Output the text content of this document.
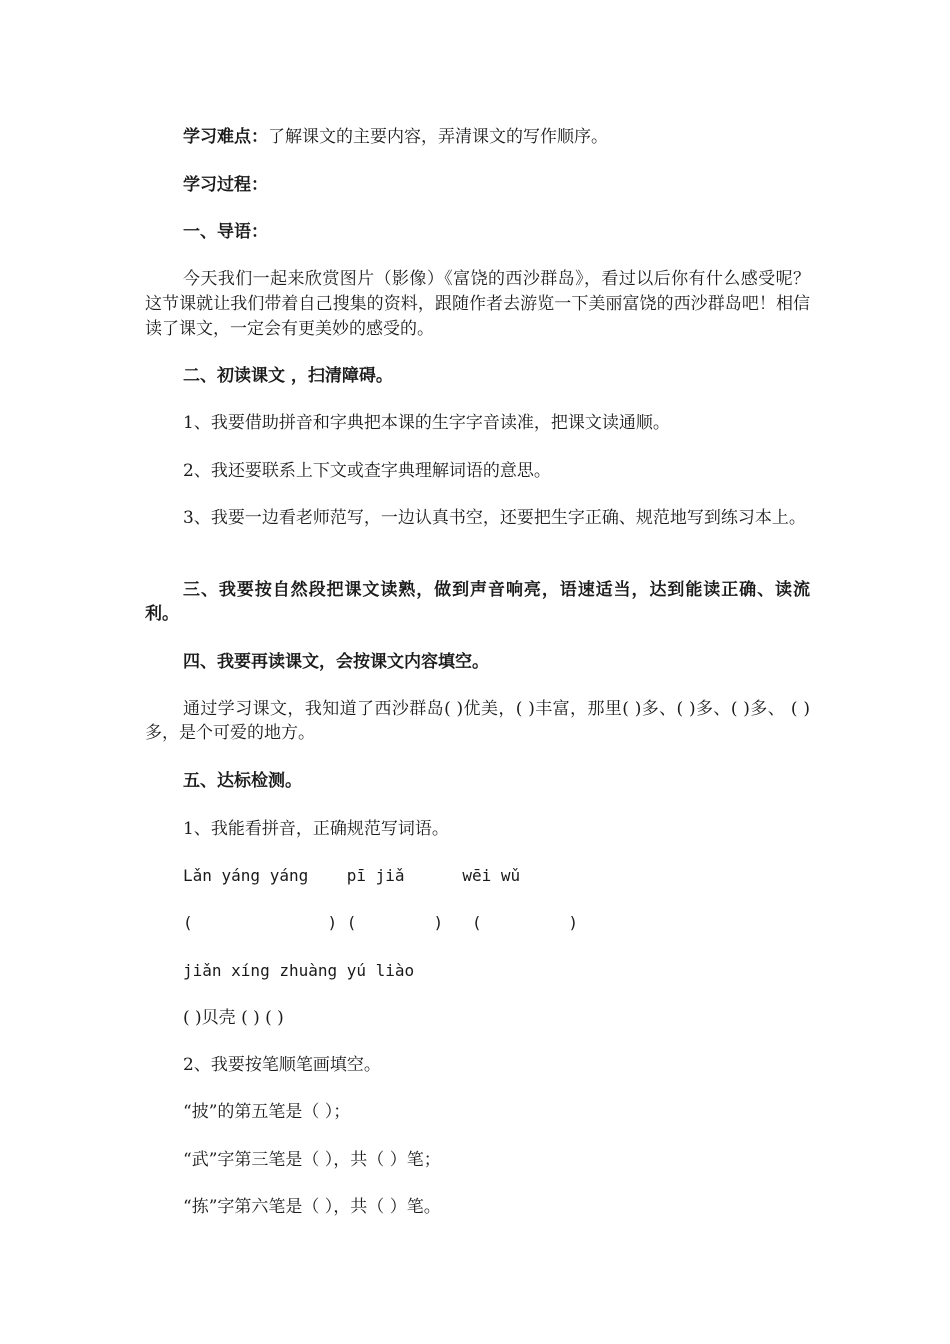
学习难点：了解课文的主要内容，弄清课文的写作顺序。
学习过程：
一、导语：
今天我们一起来欣赏图片（影像）《富饶的西沙群岛》，看过以后你有什么感受呢？这节课就让我们带着自己搜集的资料，跟随作者去游览一下美丽富饶的西沙群岛吧！相信读了课文，一定会有更美妙的感受的。
二、初读课文 ，扫清障碍。
1、我要借助拼音和字典把本课的生字字音读准，把课文读通顺。
2、我还要联系上下文或查字典理解词语的意思。
3、我要一边看老师范写，一边认真书空，还要把生字正确、规范地写到练习本上。
三、我要按自然段把课文读熟，做到声音响亮，语速适当，达到能读正确、读流利。
四、我要再读课文，会按课文内容填空。
通过学习课文，我知道了西沙群岛( )优美，( )丰富，那里( )多、( )多、( )多、 ( )多，是个可爱的地方。
五、达标检测。
1、我能看拼音，正确规范写词语。
Lǎn yáng yáng    pī jiǎ      wēi wǔ
(              ) (        )   (         )
jiǎn xíng zhuàng yú liào
( )贝壳 ( ) ( )
2、我要按笔顺笔画填空。
“披”的第五笔是（ ）；
“武”字第三笔是（ ），共（ ）笔；
“拣”字第六笔是（ ），共（ ）笔。
